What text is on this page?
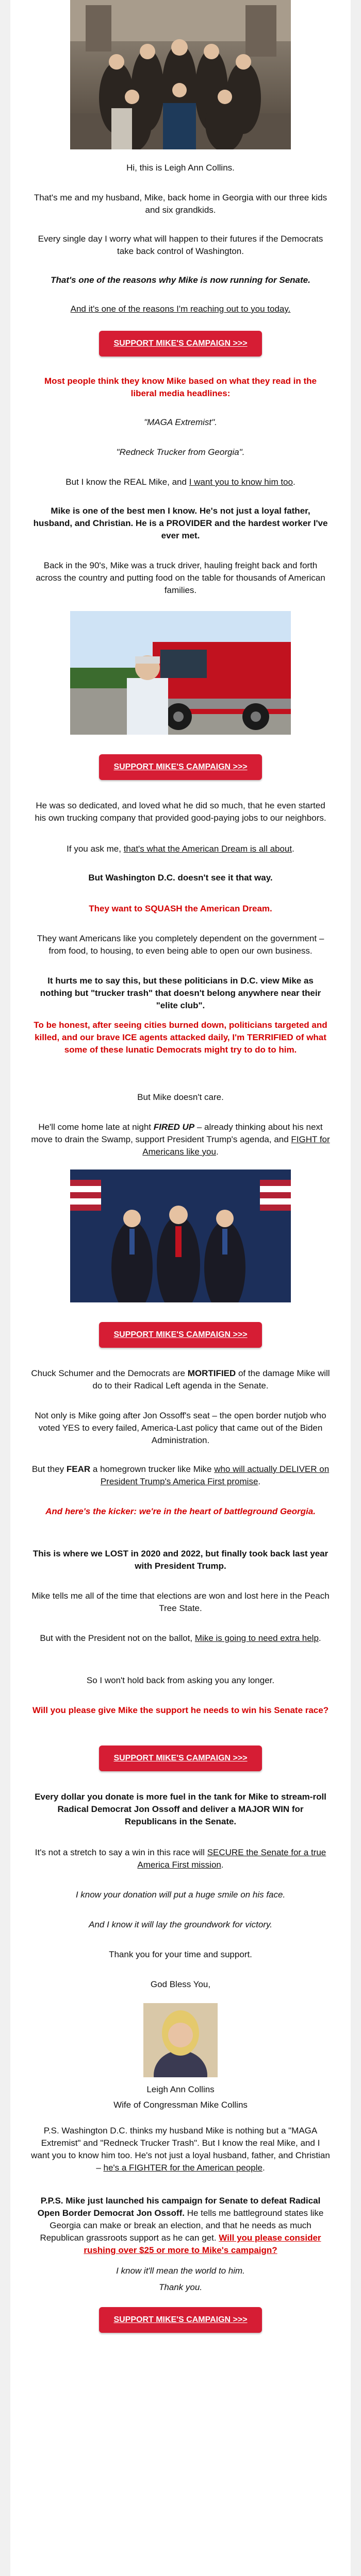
Hi, this is Leigh Ann Collins.

That's me and my husband, Mike, back home in Georgia with our three kids and six grandkids.

Every single day I worry what will happen to their futures if the Democrats take back control of Washington.

That's one of the reasons why Mike is now running for Senate.

And it's one of the reasons I'm reaching out to you today.

SUPPORT MIKE'S CAMPAIGN >>>

Most people think they know Mike based on what they read in the liberal media headlines:

"MAGA Extremist".

"Redneck Trucker from Georgia".

But I know the REAL Mike, and I want you to know him too.

Mike is one of the best men I know. He's not just a loyal father, husband, and Christian. He is a PROVIDER and the hardest worker I've ever met.

Back in the 90's, Mike was a truck driver, hauling freight back and forth across the country and putting food on the table for thousands of American families.

SUPPORT MIKE'S CAMPAIGN >>>

He was so dedicated, and loved what he did so much, that he even started his own trucking company that provided good-paying jobs to our neighbors.

If you ask me, that's what the American Dream is all about.

But Washington D.C. doesn't see it that way.

They want to SQUASH the American Dream.

They want Americans like you completely dependent on the government – from food, to housing, to even being able to open our own business.

It hurts me to say this, but these politicians in D.C. view Mike as nothing but "trucker trash" that doesn't belong anywhere near their "elite club".

To be honest, after seeing cities burned down, politicians targeted and killed, and our brave ICE agents attacked daily, I'm TERRIFIED of what some of these lunatic Democrats might try to do to him.

But Mike doesn't care.

He'll come home late at night FIRED UP – already thinking about his next move to drain the Swamp, support President Trump's agenda, and FIGHT for Americans like you.

SUPPORT MIKE'S CAMPAIGN >>>

Chuck Schumer and the Democrats are MORTIFIED of the damage Mike will do to their Radical Left agenda in the Senate.

Not only is Mike going after Jon Ossoff's seat – the open border nutjob who voted YES to every failed, America-Last policy that came out of the Biden Administration.

But they FEAR a homegrown trucker like Mike who will actually DELIVER on President Trump's America First promise.

And here's the kicker: we're in the heart of battleground Georgia.

This is where we LOST in 2020 and 2022, but finally took back last year with President Trump.

Mike tells me all of the time that elections are won and lost here in the Peach Tree State.

But with the President not on the ballot, Mike is going to need extra help.

So I won't hold back from asking you any longer.

Will you please give Mike the support he needs to win his Senate race?

SUPPORT MIKE'S CAMPAIGN >>>

Every dollar you donate is more fuel in the tank for Mike to stream-roll Radical Democrat Jon Ossoff and deliver a MAJOR WIN for Republicans in the Senate.

It's not a stretch to say a win in this race will SECURE the Senate for a true America First mission.

I know your donation will put a huge smile on his face.

And I know it will lay the groundwork for victory.

Thank you for your time and support.

God Bless You,

Leigh Ann Collins

Wife of Congressman Mike Collins

P.S. Washington D.C. thinks my husband Mike is nothing but a "MAGA Extremist" and "Redneck Trucker Trash". But I know the real Mike, and I want you to know him too. He's not just a loyal husband, father, and Christian – he's a FIGHTER for the American people.

P.P.S. Mike just launched his campaign for Senate to defeat Radical Open Border Democrat Jon Ossoff. He tells me battleground states like Georgia can make or break an election, and that he needs as much Republican grassroots support as he can get. Will you please consider rushing over $25 or more to Mike's campaign?

I know it'll mean the world to him.

Thank you.

SUPPORT MIKE'S CAMPAIGN >>>
